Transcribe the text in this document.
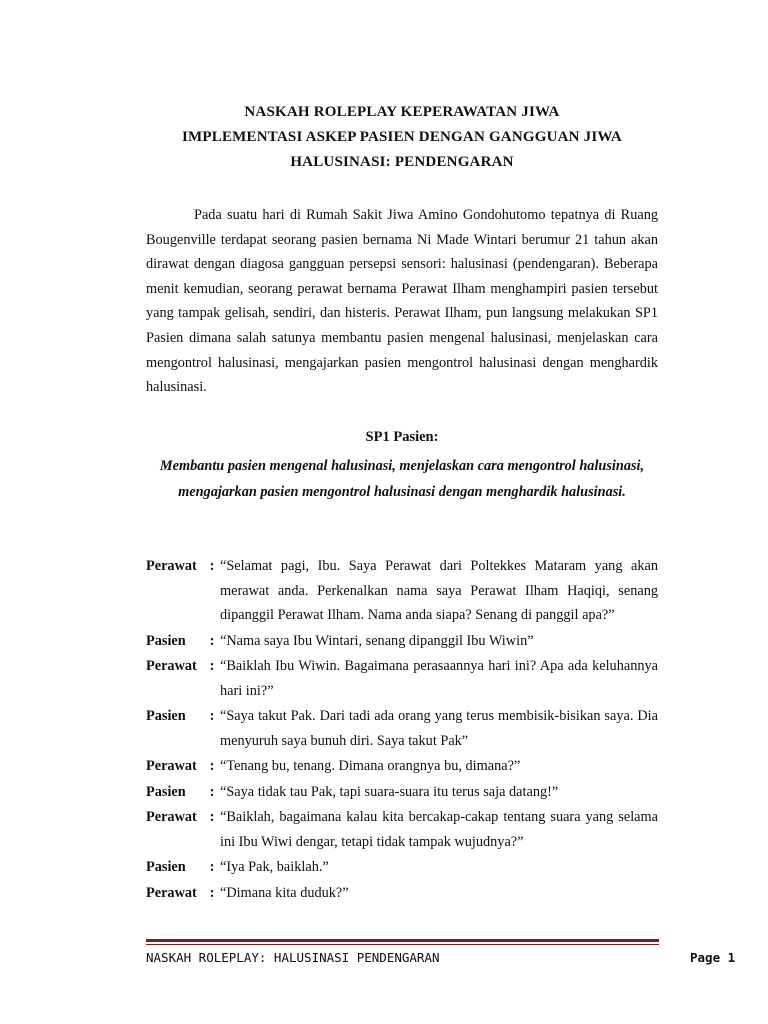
NASKAH ROLEPLAY KEPERAWATAN JIWA
IMPLEMENTASI ASKEP PASIEN DENGAN GANGGUAN JIWA
HALUSINASI: PENDENGARAN

Pada suatu hari di Rumah Sakit Jiwa Amino Gondohutomo tepatnya di Ruang Bougenville terdapat seorang pasien bernama Ni Made Wintari berumur 21 tahun akan dirawat dengan diagosa gangguan persepsi sensori: halusinasi (pendengaran). Beberapa menit kemudian, seorang perawat bernama Perawat Ilham menghampiri pasien tersebut yang tampak gelisah, sendiri, dan histeris. Perawat Ilham, pun langsung melakukan SP1 Pasien dimana salah satunya membantu pasien mengenal halusinasi, menjelaskan cara mengontrol halusinasi, mengajarkan pasien mengontrol halusinasi dengan menghardik halusinasi.

SP1 Pasien:

Membantu pasien mengenal halusinasi, menjelaskan cara mengontrol halusinasi, mengajarkan pasien mengontrol halusinasi dengan menghardik halusinasi.

Perawat : “Selamat pagi, Ibu. Saya Perawat dari Poltekkes Mataram yang akan merawat anda. Perkenalkan nama saya Perawat Ilham Haqiqi, senang dipanggil Perawat Ilham. Nama anda siapa? Senang di panggil apa?”
Pasien	: “Nama saya Ibu Wintari, senang dipanggil Ibu Wiwin”
Perawat : “Baiklah Ibu Wiwin. Bagaimana perasaannya hari ini? Apa ada keluhannya hari ini?”
Pasien	: “Saya takut Pak. Dari tadi ada orang yang terus membisik-bisikan saya. Dia menyuruh saya bunuh diri. Saya takut Pak”
Perawat : “Tenang bu, tenang. Dimana orangnya bu, dimana?”
Pasien	: “Saya tidak tau Pak, tapi suara-suara itu terus saja datang!”
Perawat : “Baiklah, bagaimana kalau kita bercakap-cakap tentang suara yang selama ini Ibu Wiwi dengar, tetapi tidak tampak wujudnya?”
Pasien	: “Iya Pak, baiklah.”
Perawat : “Dimana kita duduk?”
NASKAH ROLEPLAY: HALUSINASI PENDENGARAN	Page 1
